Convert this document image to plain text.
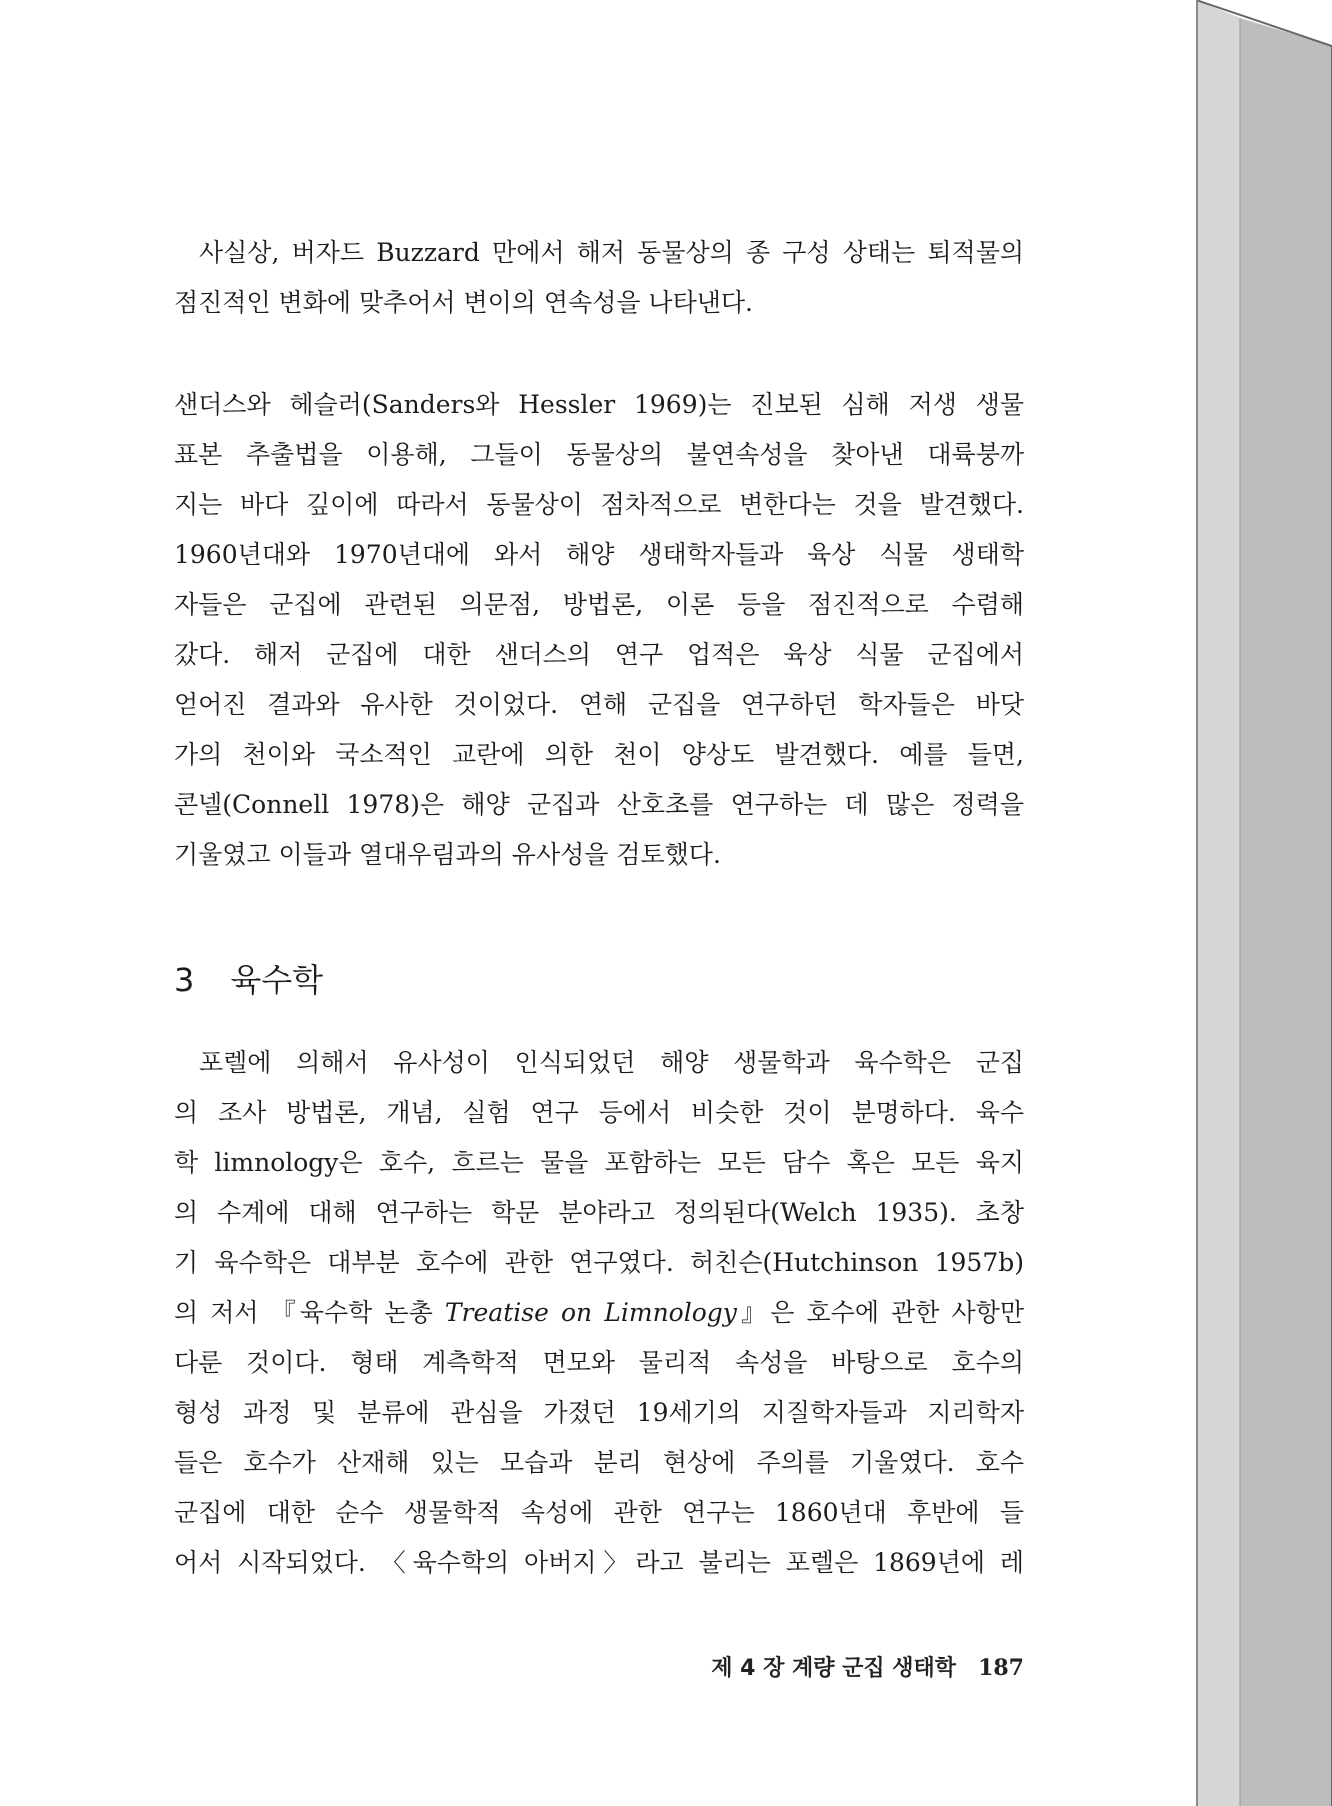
사실상, 버자드 Buzzard 만에서 해저 동물상의 종 구성 상태는 퇴적물의

점진적인 변화에 맞추어서 변이의 연속성을 나타낸다.

샌더스와 헤슬러(Sanders와 Hessler 1969)는 진보된 심해 저생 생물

표본 추출법을 이용해, 그들이 동물상의 불연속성을 찾아낸 대륙붕까

지는 바다 깊이에 따라서 동물상이 점차적으로 변한다는 것을 발견했다.

1960년대와 1970년대에 와서 해양 생태학자들과 육상 식물 생태학

자들은 군집에 관련된 의문점, 방법론, 이론 등을 점진적으로 수렴해

갔다. 해저 군집에 대한 샌더스의 연구 업적은 육상 식물 군집에서

얻어진 결과와 유사한 것이었다. 연해 군집을 연구하던 학자들은 바닷

가의 천이와 국소적인 교란에 의한 천이 양상도 발견했다. 예를 들면,

콘넬(Connell 1978)은 해양 군집과 산호초를 연구하는 데 많은 정력을

기울였고 이들과 열대우림과의 유사성을 검토했다.

3 육수학

포렐에 의해서 유사성이 인식되었던 해양 생물학과 육수학은 군집

의 조사 방법론, 개념, 실험 연구 등에서 비슷한 것이 분명하다. 육수

학 limnology은 호수, 흐르는 물을 포함하는 모든 담수 혹은 모든 육지

의 수계에 대해 연구하는 학문 분야라고 정의된다(Welch 1935). 초창

기 육수학은 대부분 호수에 관한 연구였다. 허친슨(Hutchinson 1957b)

의 저서 『육수학 논총 Treatise on Limnology』은 호수에 관한 사항만

다룬 것이다. 형태 계측학적 면모와 물리적 속성을 바탕으로 호수의

형성 과정 및 분류에 관심을 가졌던 19세기의 지질학자들과 지리학자

들은 호수가 산재해 있는 모습과 분리 현상에 주의를 기울였다. 호수

군집에 대한 순수 생물학적 속성에 관한 연구는 1860년대 후반에 들

어서 시작되었다. 〈육수학의 아버지〉라고 불리는 포렐은 1869년에 레

제 4 장 계량 군집 생태학 187
